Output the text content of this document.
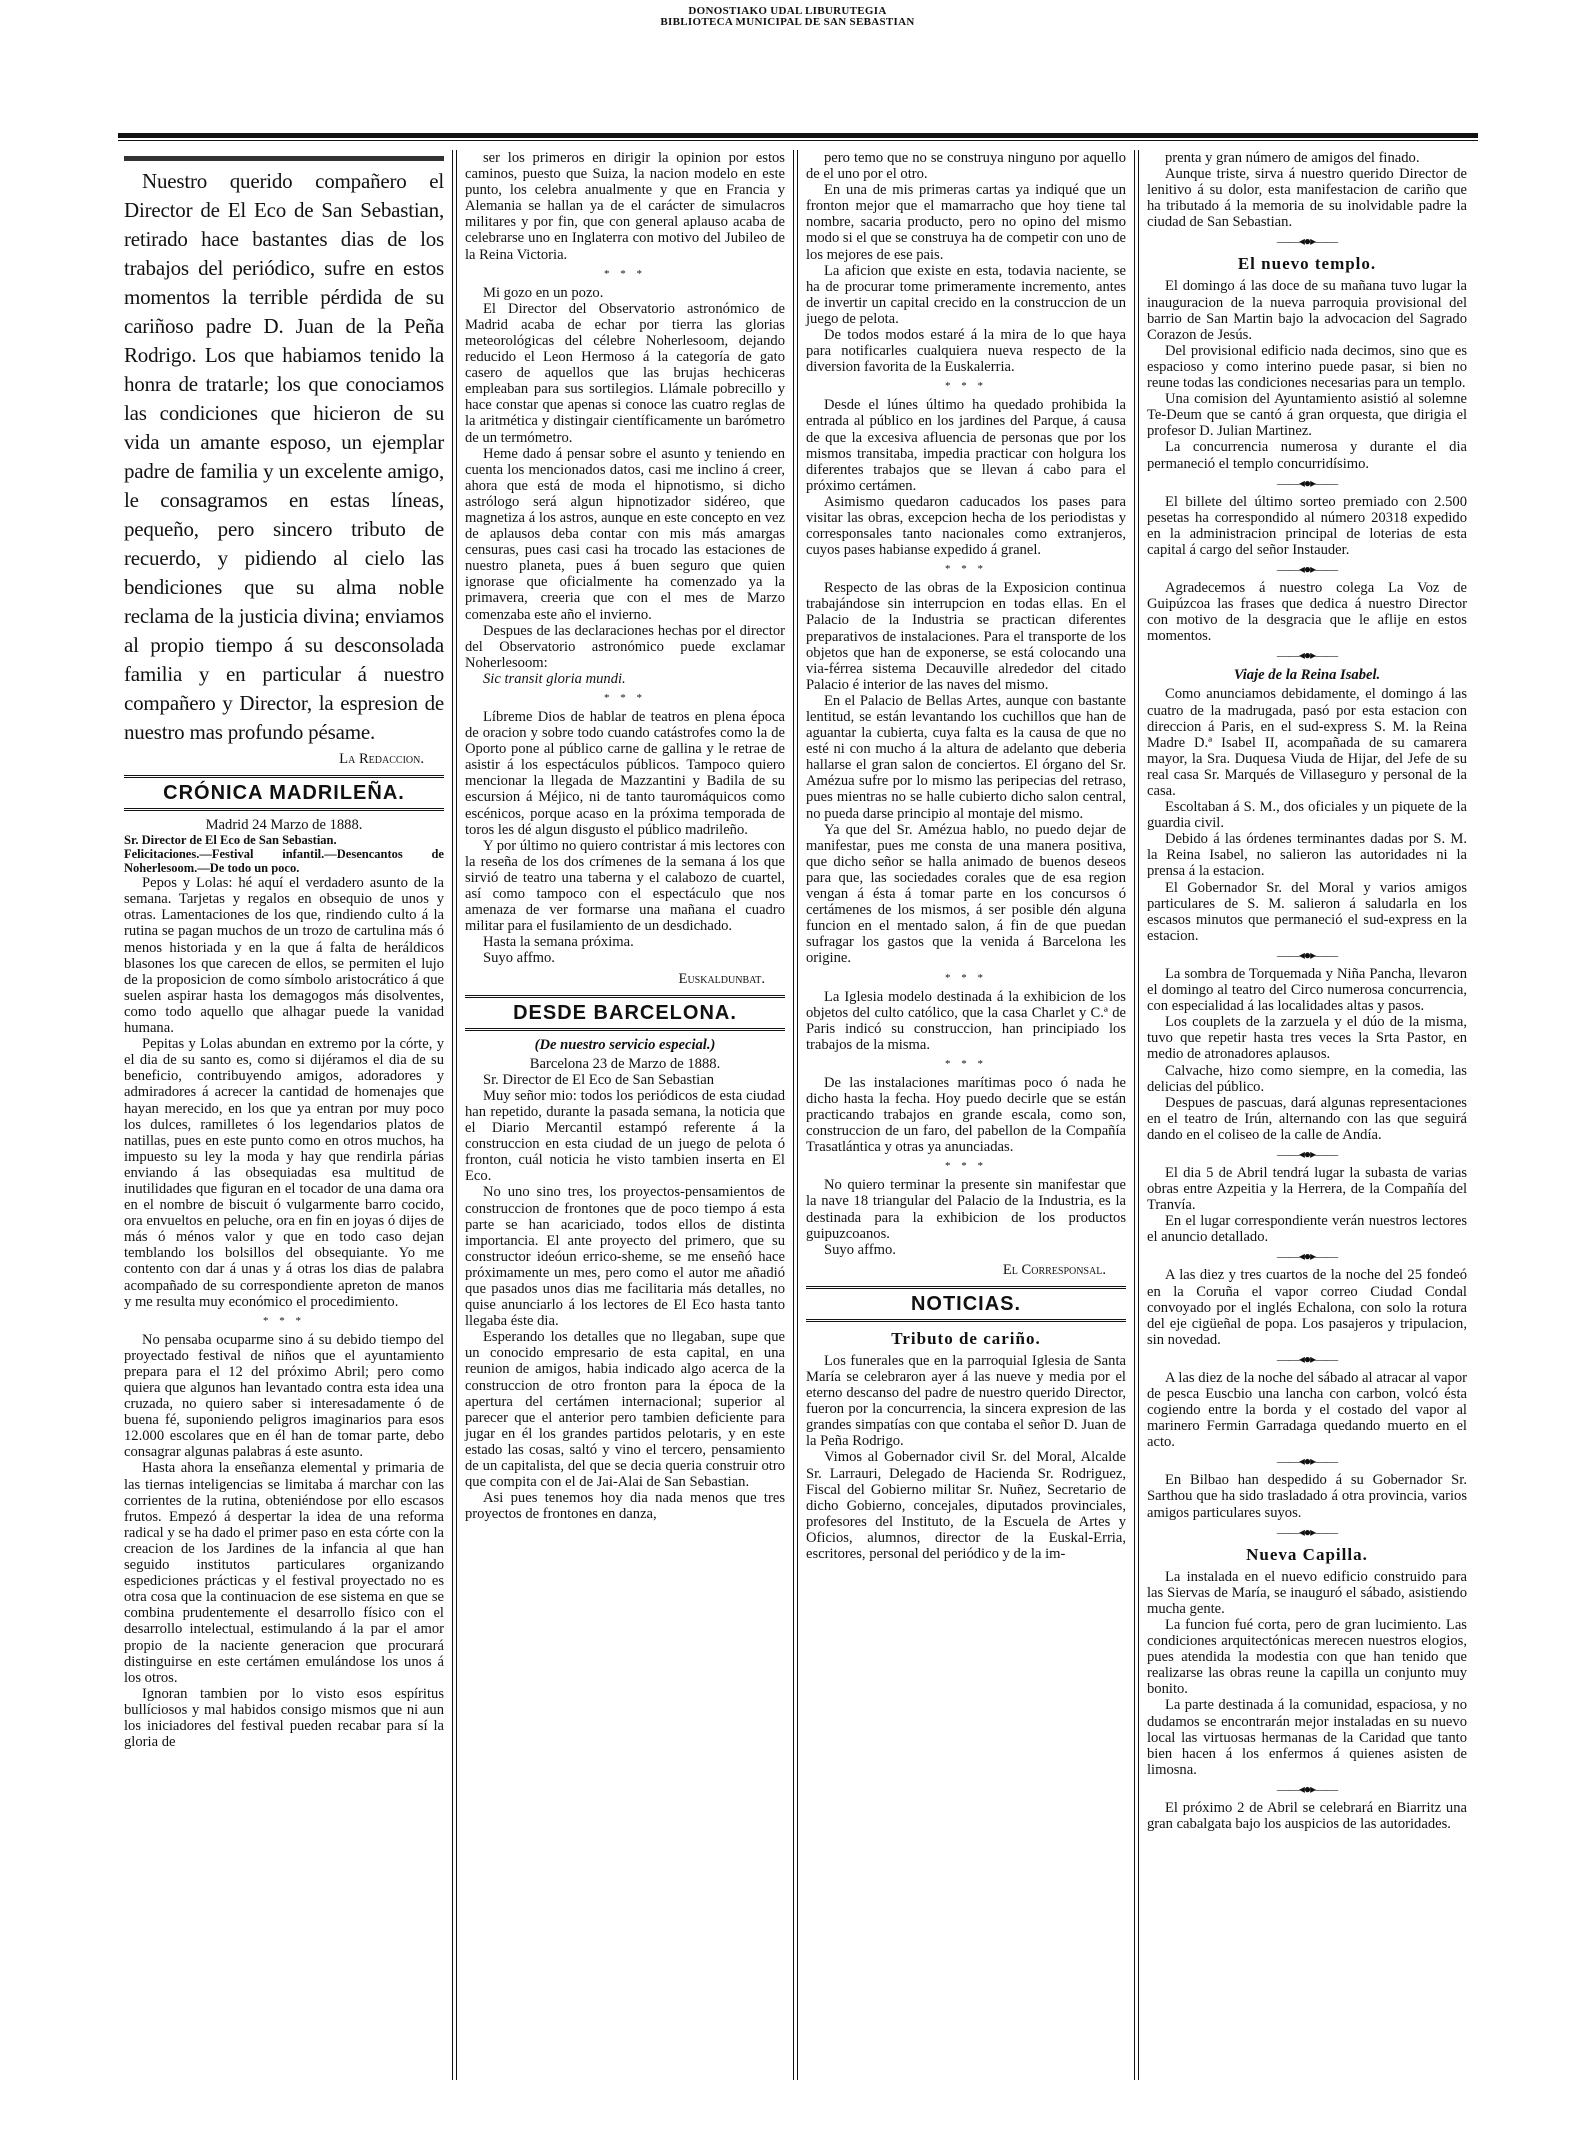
DONOSTIAKO UDAL LIBURUTEGIA
BIBLIOTECA MUNICIPAL DE SAN SEBASTIAN

Nuestro querido compañero el Director de El Eco de San Sebastian, retirado hace bastantes dias de los trabajos del periódico, sufre en estos momentos la terrible pérdida de su cariñoso padre D. Juan de la Peña Rodrigo. Los que habiamos tenido la honra de tratarle; los que conociamos las condiciones que hicieron de su vida un amante esposo, un ejemplar padre de familia y un excelente amigo, le consagramos en estas líneas, pequeño, pero sincero tributo de recuerdo, y pidiendo al cielo las bendiciones que su alma noble reclama de la justicia divina; enviamos al propio tiempo á su desconsolada familia y en particular á nuestro compañero y Director, la espresion de nuestro mas profundo pésame.

La Redaccion.

CRÓNICA MADRILEÑA.

Madrid 24 Marzo de 1888.

Sr. Director de El Eco de San Sebastian.

Felicitaciones.—Festival infantil.—Desencantos de Noherlesoom.—De todo un poco.

Pepos y Lolas: hé aquí el verdadero asunto de la semana. Tarjetas y regalos en obsequio de unos y otras. Lamentaciones de los que, rindiendo culto á la rutina se pagan muchos de un trozo de cartulina más ó menos historiada y en la que á falta de heráldicos blasones los que carecen de ellos, se permiten el lujo de la proposicion de como símbolo aristocrático á que suelen aspirar hasta los demagogos más disolventes, como todo aquello que alhagar puede la vanidad humana.

Pepitas y Lolas abundan en extremo por la córte, y el dia de su santo es, como si dijéramos el dia de su beneficio, contribuyendo amigos, adoradores y admiradores á acrecer la cantidad de homenajes que hayan merecido, en los que ya entran por muy poco los dulces, ramilletes ó los legendarios platos de natillas, pues en este punto como en otros muchos, ha impuesto su ley la moda y hay que rendirla párias enviando á las obsequiadas esa multitud de inutilidades que figuran en el tocador de una dama ora en el nombre de biscuit ó vulgarmente barro cocido, ora envueltos en peluche, ora en fin en joyas ó dijes de más ó ménos valor y que en todo caso dejan temblando los bolsillos del obsequiante. Yo me contento con dar á unas y á otras los dias de palabra acompañado de su correspondiente apreton de manos y me resulta muy económico el procedimiento.

* * *

No pensaba ocuparme sino á su debido tiempo del proyectado festival de niños que el ayuntamiento prepara para el 12 del próximo Abril; pero como quiera que algunos han levantado contra esta idea una cruzada, no quiero saber si interesadamente ó de buena fé, suponiendo peligros imaginarios para esos 12.000 escolares que en él han de tomar parte, debo consagrar algunas palabras á este asunto.

Hasta ahora la enseñanza elemental y primaria de las tiernas inteligencias se limitaba á marchar con las corrientes de la rutina, obteniéndose por ello escasos frutos. Empezó á despertar la idea de una reforma radical y se ha dado el primer paso en esta córte con la creacion de los Jardines de la infancia al que han seguido institutos particulares organizando espediciones prácticas y el festival proyectado no es otra cosa que la continuacion de ese sistema en que se combina prudentemente el desarrollo físico con el desarrollo intelectual, estimulando á la par el amor propio de la naciente generacion que procurará distinguirse en este certámen emulándose los unos á los otros.

Ignoran tambien por lo visto esos espíritus bullíciosos y mal habidos consigo mismos que ni aun los iniciadores del festival pueden recabar para sí la gloria de

ser los primeros en dirigir la opinion por estos caminos, puesto que Suiza, la nacion modelo en este punto, los celebra anualmente y que en Francia y Alemania se hallan ya de el carácter de simulacros militares y por fin, que con general aplauso acaba de celebrarse uno en Inglaterra con motivo del Jubileo de la Reina Victoria.

* * *

Mi gozo en un pozo.

El Director del Observatorio astronómico de Madrid acaba de echar por tierra las glorias meteorológicas del célebre Noherlesoom, dejando reducido el Leon Hermoso á la categoría de gato casero de aquellos que las brujas hechiceras empleaban para sus sortilegios. Llámale pobrecillo y hace constar que apenas si conoce las cuatro reglas de la aritmética y distingair científicamente un barómetro de un termómetro.

Heme dado á pensar sobre el asunto y teniendo en cuenta los mencionados datos, casi me inclino á creer, ahora que está de moda el hipnotismo, si dicho astrólogo será algun hipnotizador sidéreo, que magnetiza á los astros, aunque en este concepto en vez de aplausos deba contar con mis más amargas censuras, pues casi casi ha trocado las estaciones de nuestro planeta, pues á buen seguro que quien ignorase que oficialmente ha comenzado ya la primavera, creeria que con el mes de Marzo comenzaba este año el invierno.

Despues de las declaraciones hechas por el director del Observatorio astronómico puede exclamar Noherlesoom:

Sic transit gloria mundi.

* * *

Líbreme Dios de hablar de teatros en plena época de oracion y sobre todo cuando catástrofes como la de Oporto pone al público carne de gallina y le retrae de asistir á los espectáculos públicos. Tampoco quiero mencionar la llegada de Mazzantini y Badila de su escursion á Méjico, ni de tanto tauromáquicos como escénicos, porque acaso en la próxima temporada de toros les dé algun disgusto el público madrileño.

Y por último no quiero contristar á mis lectores con la reseña de los dos crímenes de la semana á los que sirvió de teatro una taberna y el calabozo de cuartel, así como tampoco con el espectáculo que nos amenaza de ver formarse una mañana el cuadro militar para el fusilamiento de un desdichado.

Hasta la semana próxima.

Suyo affmo.

Euskaldunbat.

DESDE BARCELONA.

(De nuestro servicio especial.)

Barcelona 23 de Marzo de 1888.

Sr. Director de El Eco de San Sebastian

Muy señor mio: todos los periódicos de esta ciudad han repetido, durante la pasada semana, la noticia que el Diario Mercantil estampó referente á la construccion en esta ciudad de un juego de pelota ó fronton, cuál noticia he visto tambien inserta en El Eco.

No uno sino tres, los proyectos-pensamientos de construccion de frontones que de poco tiempo á esta parte se han acariciado, todos ellos de distinta importancia. El ante proyecto del primero, que su constructor ideóun errico-sheme, se me enseñó hace próximamente un mes, pero como el autor me añadió que pasados unos dias me facilitaria más detalles, no quise anunciarlo á los lectores de El Eco hasta tanto llegaba éste dia.

Esperando los detalles que no llegaban, supe que un conocido empresario de esta capital, en una reunion de amigos, habia indicado algo acerca de la construccion de otro fronton para la época de la apertura del certámen internacional; superior al parecer que el anterior pero tambien deficiente para jugar en él los grandes partidos pelotaris, y en este estado las cosas, saltó y vino el tercero, pensamiento de un capitalista, del que se decia queria construir otro que compita con el de Jai-Alai de San Sebastian.

Asi pues tenemos hoy dia nada menos que tres proyectos de frontones en danza,

pero temo que no se construya ninguno por aquello de el uno por el otro.

En una de mis primeras cartas ya indiqué que un fronton mejor que el mamarracho que hoy tiene tal nombre, sacaria producto, pero no opino del mismo modo si el que se construya ha de competir con uno de los mejores de ese pais.

La aficion que existe en esta, todavia naciente, se ha de procurar tome primeramente incremento, antes de invertir un capital crecido en la construccion de un juego de pelota.

De todos modos estaré á la mira de lo que haya para notificarles cualquiera nueva respecto de la diversion favorita de la Euskalerria.

* * *

Desde el lúnes último ha quedado prohibida la entrada al público en los jardines del Parque, á causa de que la excesiva afluencia de personas que por los mismos transitaba, impedia practicar con holgura los diferentes trabajos que se llevan á cabo para el próximo certámen.

Asimismo quedaron caducados los pases para visitar las obras, excepcion hecha de los periodistas y corresponsales tanto nacionales como extranjeros, cuyos pases habianse expedido á granel.

* * *

Respecto de las obras de la Exposicion continua trabajándose sin interrupcion en todas ellas. En el Palacio de la Industria se practican diferentes preparativos de instalaciones. Para el transporte de los objetos que han de exponerse, se está colocando una via-férrea sistema Decauville alrededor del citado Palacio é interior de las naves del mismo.

En el Palacio de Bellas Artes, aunque con bastante lentitud, se están levantando los cuchillos que han de aguantar la cubierta, cuya falta es la causa de que no esté ni con mucho á la altura de adelanto que deberia hallarse el gran salon de conciertos. El órgano del Sr. Amézua sufre por lo mismo las peripecias del retraso, pues mientras no se halle cubierto dicho salon central, no pueda darse principio al montaje del mismo.

Ya que del Sr. Amézua hablo, no puedo dejar de manifestar, pues me consta de una manera positiva, que dicho señor se halla animado de buenos deseos para que, las sociedades corales que de esa region vengan á ésta á tomar parte en los concursos ó certámenes de los mismos, á ser posible dén alguna funcion en el mentado salon, á fin de que puedan sufragar los gastos que la venida á Barcelona les origine.

* * *

La Iglesia modelo destinada á la exhibicion de los objetos del culto católico, que la casa Charlet y C.ª de Paris indicó su construccion, han principiado los trabajos de la misma.

* * *

De las instalaciones marítimas poco ó nada he dicho hasta la fecha. Hoy puedo decirle que se están practicando trabajos en grande escala, como son, construccion de un faro, del pabellon de la Compañía Trasatlántica y otras ya anunciadas.

* * *

No quiero terminar la presente sin manifestar que la nave 18 triangular del Palacio de la Industria, es la destinada para la exhibicion de los productos guipuzcoanos.

Suyo affmo.

El Corresponsal.

NOTICIAS.

Tributo de cariño.

Los funerales que en la parroquial Iglesia de Santa María se celebraron ayer á las nueve y media por el eterno descanso del padre de nuestro querido Director, fueron por la concurrencia, la sincera expresion de las grandes simpatías con que contaba el señor D. Juan de la Peña Rodrigo.

Vimos al Gobernador civil Sr. del Moral, Alcalde Sr. Larrauri, Delegado de Hacienda Sr. Rodriguez, Fiscal del Gobierno militar Sr. Nuñez, Secretario de dicho Gobierno, concejales, diputados provinciales, profesores del Instituto, de la Escuela de Artes y Oficios, alumnos, director de la Euskal-Erria, escritores, personal del periódico y de la im-

prenta y gran número de amigos del finado.

Aunque triste, sirva á nuestro querido Director de lenitivo á su dolor, esta manifestacion de cariño que ha tributado á la memoria de su inolvidable padre la ciudad de San Sebastian.

——◂●▸——

El nuevo templo.

El domingo á las doce de su mañana tuvo lugar la inauguracion de la nueva parroquia provisional del barrio de San Martin bajo la advocacion del Sagrado Corazon de Jesús.

Del provisional edificio nada decimos, sino que es espacioso y como interino puede pasar, si bien no reune todas las condiciones necesarias para un templo.

Una comision del Ayuntamiento asistió al solemne Te-Deum que se cantó á gran orquesta, que dirigia el profesor D. Julian Martinez.

La concurrencia numerosa y durante el dia permaneció el templo concurridísimo.

——◂●▸——

El billete del último sorteo premiado con 2.500 pesetas ha correspondido al número 20318 expedido en la administracion principal de loterias de esta capital á cargo del señor Instauder.

——◂●▸——

Agradecemos á nuestro colega La Voz de Guipúzcoa las frases que dedica á nuestro Director con motivo de la desgracia que le aflije en estos momentos.

——◂●▸——

Viaje de la Reina Isabel.

Como anunciamos debidamente, el domingo á las cuatro de la madrugada, pasó por esta estacion con direccion á Paris, en el sud-express S. M. la Reina Madre D.ª Isabel II, acompañada de su camarera mayor, la Sra. Duquesa Viuda de Hijar, del Jefe de su real casa Sr. Marqués de Villaseguro y personal de la casa.

Escoltaban á S. M., dos oficiales y un piquete de la guardia civil.

Debido á las órdenes terminantes dadas por S. M. la Reina Isabel, no salieron las autoridades ni la prensa á la estacion.

El Gobernador Sr. del Moral y varios amigos particulares de S. M. salieron á saludarla en los escasos minutos que permaneció el sud-express en la estacion.

——◂●▸——

La sombra de Torquemada y Niña Pancha, llevaron el domingo al teatro del Circo numerosa concurrencia, con especialidad á las localidades altas y pasos.

Los couplets de la zarzuela y el dúo de la misma, tuvo que repetir hasta tres veces la Srta Pastor, en medio de atronadores aplausos.

Calvache, hizo como siempre, en la comedia, las delicias del público.

Despues de pascuas, dará algunas representaciones en el teatro de Irún, alternando con las que seguirá dando en el coliseo de la calle de Andía.

——◂●▸——

El dia 5 de Abril tendrá lugar la subasta de varias obras entre Azpeitia y la Herrera, de la Compañía del Tranvía.

En el lugar correspondiente verán nuestros lectores el anuncio detallado.

——◂●▸——

A las diez y tres cuartos de la noche del 25 fondeó en la Coruña el vapor correo Ciudad Condal convoyado por el inglés Echalona, con solo la rotura del eje cigüeñal de popa. Los pasajeros y tripulacion, sin novedad.

——◂●▸——

A las diez de la noche del sábado al atracar al vapor de pesca Euscbio una lancha con carbon, volcó ésta cogiendo entre la borda y el costado del vapor al marinero Fermin Garradaga quedando muerto en el acto.

——◂●▸——

En Bilbao han despedido á su Gobernador Sr. Sarthou que ha sido trasladado á otra provincia, varios amigos particulares suyos.

——◂●▸——

Nueva Capilla.

La instalada en el nuevo edificio construido para las Siervas de María, se inauguró el sábado, asistiendo mucha gente.

La funcion fué corta, pero de gran lucimiento. Las condiciones arquitectónicas merecen nuestros elogios, pues atendida la modestia con que han tenido que realizarse las obras reune la capilla un conjunto muy bonito.

La parte destinada á la comunidad, espaciosa, y no dudamos se encontrarán mejor instaladas en su nuevo local las virtuosas hermanas de la Caridad que tanto bien hacen á los enfermos á quienes asisten de limosna.

——◂●▸——

El próximo 2 de Abril se celebrará en Biarritz una gran cabalgata bajo los auspicios de las autoridades.
